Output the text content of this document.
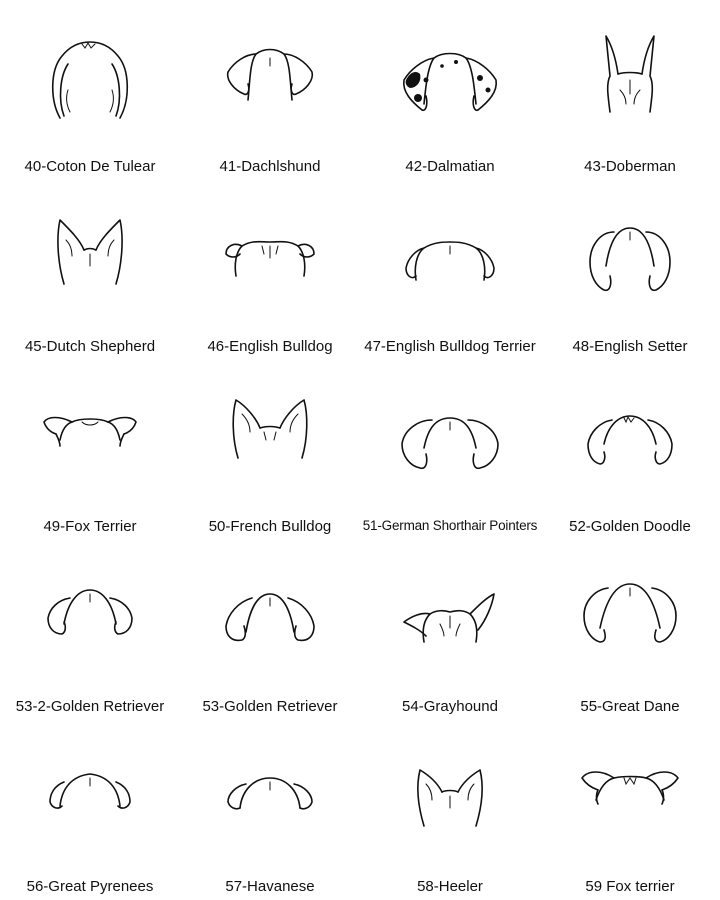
40-Coton De Tulear	41-Dachlshund	42-Dalmatian	43-Doberman
45-Dutch Shepherd	46-English Bulldog	47-English Bulldog Terrier	48-English Setter
49-Fox Terrier	50-French Bulldog	51-German Shorthair Pointers	52-Golden Doodle
53-2-Golden Retriever	53-Golden Retriever	54-Grayhound	55-Great Dane
56-Great Pyrenees	57-Havanese	58-Heeler	59 Fox terrier
